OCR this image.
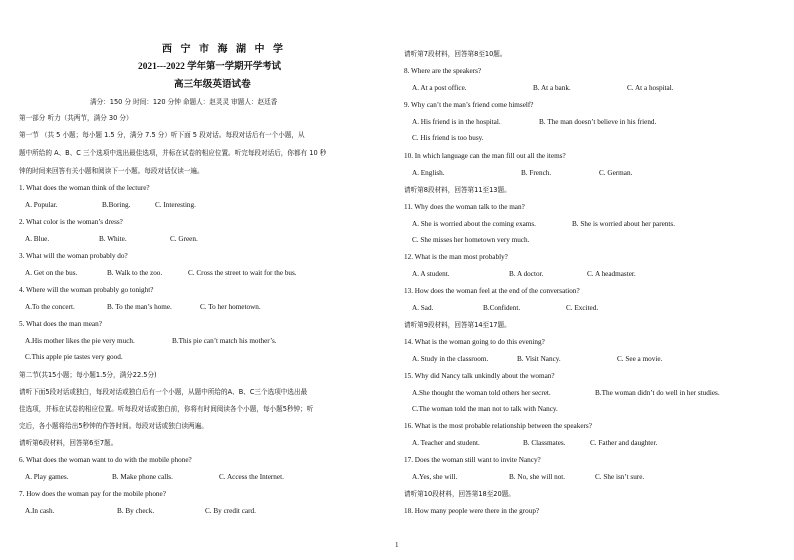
西 宁 市 海 湖 中 学
2021---2022 学年第一学期开学考试
高三年级英语试卷
满分：150 分 时间：120 分钟 命题人：赵灵灵 审题人：赵廷香
第一部分 听力（共两节，满分 30 分）
第一节 （共 5 小题；每小题 1.5 分，满分 7.5 分）听下面 5 段对话。每段对话后有一个小题，从
题中所给的 A、B、C 三个选项中选出最佳选项，并标在试卷的相应位置。听完每段对话后，你都有 10 秒
钟的时间来回答有关小题和阅读下一小题。每段对话仅读一遍。
1. What does the woman think of the lecture?
A. Popular.	B.Boring.	C. Interesting.
2. What color is the woman’s dress?
A. Blue.	B. White.	C. Green.
3. What will the woman probably do?
A. Get on the bus.	B. Walk to the zoo.	C. Cross the street to wait for the bus.
4. Where will the woman probably go tonight?
A.To the concert.	B. To the man’s home.	C. To her hometown.
5. What does the man mean?
A.His mother likes the pie very much.	B.This pie can’t match his mother’s.
C.This apple pie tastes very good.
第二节(共15小题；每小题1.5分，满分22.5分)
请听下面5段对话或独白，每段对话或独白后有一个小题，从题中所给的A、B、C三个选项中选出最
佳选项，并标在试卷的相应位置。听每段对话或独白前，你将有时间阅读各个小题，每小题5秒钟；听
完后，各小题将给出5秒钟的作答时间。每段对话或独白读两遍。
请听第6段材料，回答第6至7题。
6. What does the woman want to do with the mobile phone?
A. Play games.	B. Make phone calls.	C. Access the Internet.
7. How does the woman pay for the mobile phone?
A.In cash.	B. By check.	C. By credit card.
请听第7段材料，回答第8至10题。
8. Where are the speakers?
A. At a post office.	B. At a bank.	C. At a hospital.
9. Why can’t the man’s friend come himself?
A. His friend is in the hospital.	B. The man doesn’t believe in his friend.
C. His friend is too busy.
10. In which language can the man fill out all the items?
A. English.	B. French.	C. German.
请听第8段材料，回答第11至13题。
11. Why does the woman talk to the man?
A. She is worried about the coming exams.	B. She is worried about her parents.
C. She misses her hometown very much.
12. What is the man most probably?
A. A student.	B. A doctor.	C. A headmaster.
13. How does the woman feel at the end of the conversation?
A. Sad.	B.Confident.	C. Excited.
请听第9段材料，回答第14至17题。
14. What is the woman going to do this evening?
A. Study in the classroom.	B. Visit Nancy.	C. See a movie.
15. Why did Nancy talk unkindly about the woman?
A.She thought the woman told others her secret.	B.The woman didn’t do well in her studies.
C.The woman told the man not to talk with Nancy.
16. What is the most probable relationship between the speakers?
A. Teacher and student.	B. Classmates.	C. Father and daughter.
17. Does the woman still want to invite Nancy?
A.Yes, she will.	B. No, she will not.	C. She isn’t sure.
请听第10段材料，回答第18至20题。
18. How many people were there in the group?
1
